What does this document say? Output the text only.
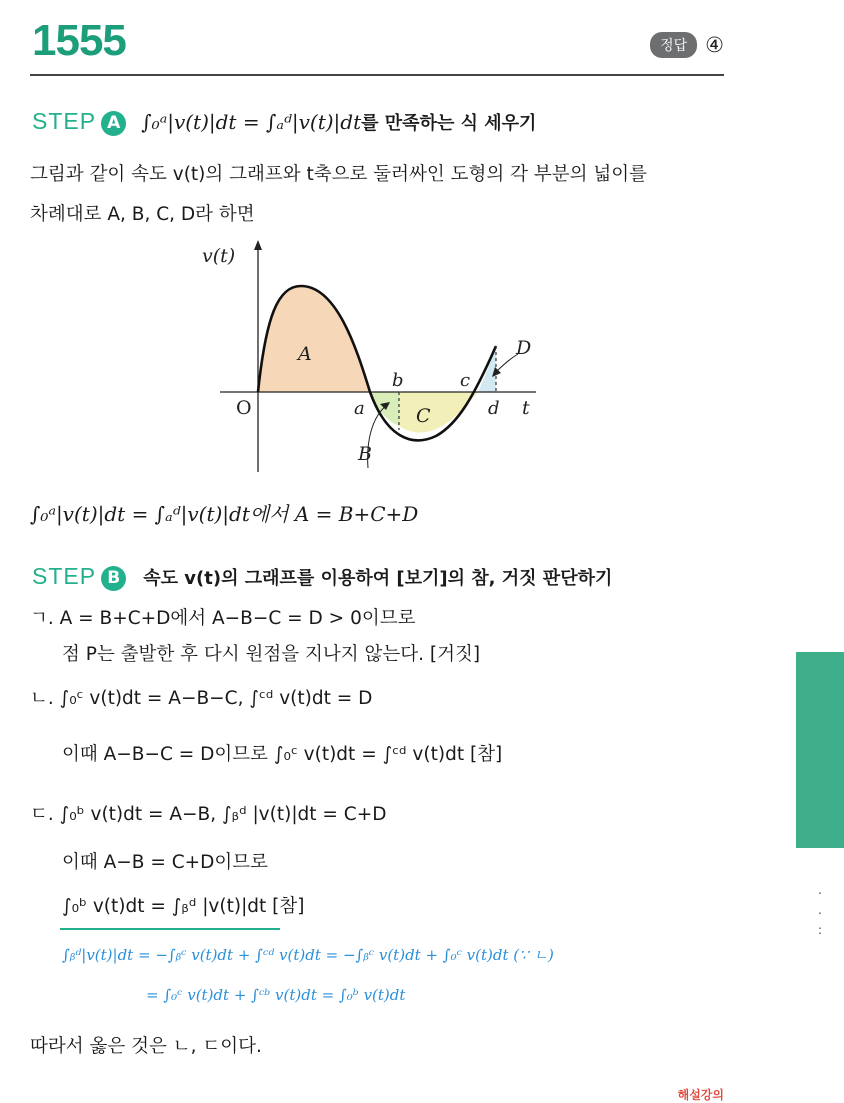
1555	정답 ④
STEP A ∫₀ᵃ|v(t)|dt = ∫ₐᵈ|v(t)|dt를 만족하는 식 세우기
그림과 같이 속도 v(t)의 그래프와 t축으로 둘러싸인 도형의 각 부분의 넓이를
차례대로 A, B, C, D라 하면
v(t)
t
O
A
B
C
D
a
b	c
d
∫₀ᵃ|v(t)|dt = ∫ₐᵈ|v(t)|dt에서 A = B+C+D
STEP B 속도 v(t)의 그래프를 이용하여 [보기]의 참, 거짓 판단하기
ㄱ. A = B+C+D에서 A−B−C = D > 0이므로
점 P는 출발한 후 다시 원점을 지나지 않는다. [거짓]
ㄴ. ∫₀ᶜ v(t)dt = A−B−C, ∫ᶜᵈ v(t)dt = D
이때 A−B−C = D이므로 ∫₀ᶜ v(t)dt = ∫ᶜᵈ v(t)dt [참]
ㄷ. ∫₀ᵇ v(t)dt = A−B, ∫ᵦᵈ |v(t)|dt = C+D
이때 A−B = C+D이므로
∫₀ᵇ v(t)dt = ∫ᵦᵈ |v(t)|dt [참]
∫ᵦᵈ|v(t)|dt = −∫ᵦᶜ v(t)dt + ∫ᶜᵈ v(t)dt = −∫ᵦᶜ v(t)dt + ∫₀ᶜ v(t)dt (∵ ㄴ)
= ∫₀ᶜ v(t)dt + ∫ᶜᵇ v(t)dt = ∫₀ᵇ v(t)dt
따라서 옳은 것은 ㄴ, ㄷ이다.
.
.
:
해설강의
